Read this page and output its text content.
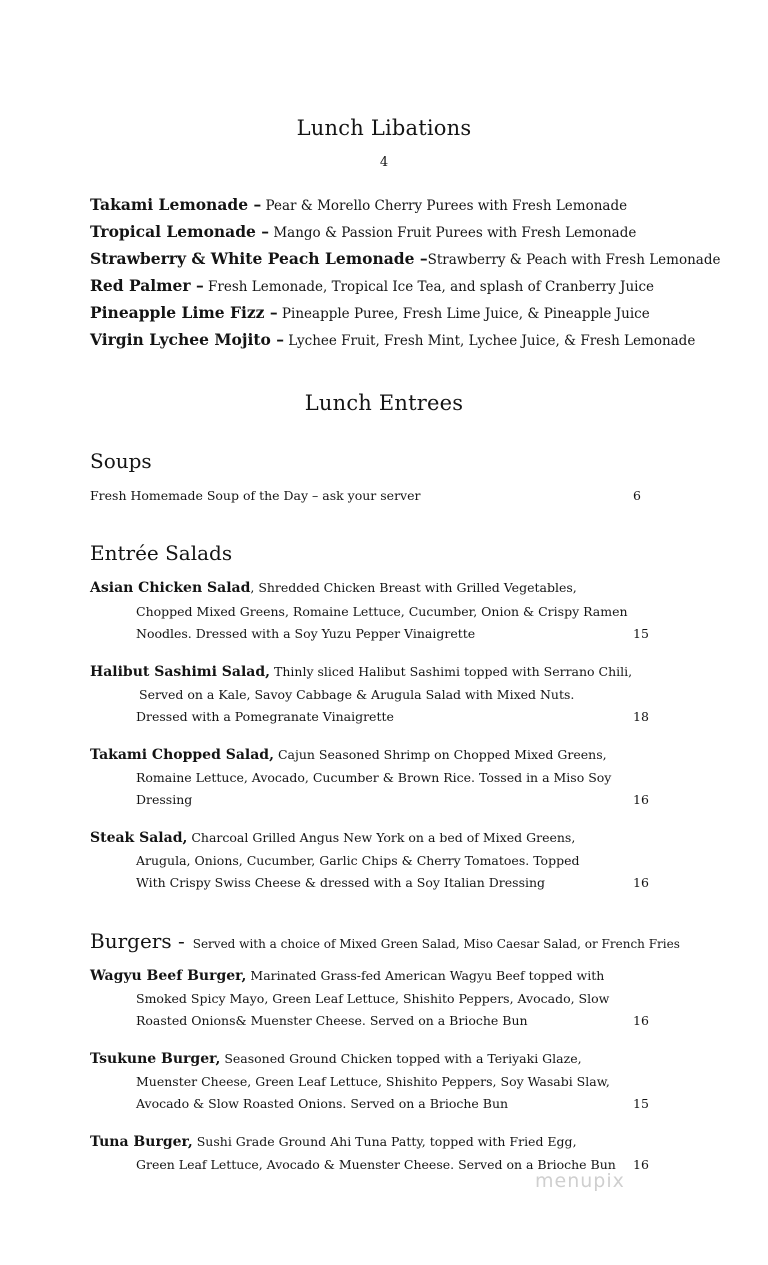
Lunch Libations
4
Takami Lemonade – Pear & Morello Cherry Purees with Fresh Lemonade
Tropical Lemonade – Mango & Passion Fruit Purees with Fresh Lemonade
Strawberry & White Peach Lemonade –Strawberry & Peach with Fresh Lemonade
Red Palmer – Fresh Lemonade, Tropical Ice Tea, and splash of Cranberry Juice
Pineapple Lime Fizz – Pineapple Puree, Fresh Lime Juice, & Pineapple Juice
Virgin Lychee Mojito – Lychee Fruit, Fresh Mint, Lychee Juice, & Fresh Lemonade
Lunch Entrees
Soups
Fresh Homemade Soup of the Day – ask your server	6
Entrée Salads
Asian Chicken Salad, Shredded Chicken Breast with Grilled Vegetables,
Chopped Mixed Greens, Romaine Lettuce, Cucumber, Onion & Crispy Ramen
Noodles. Dressed with a Soy Yuzu Pepper Vinaigrette	15
Halibut Sashimi Salad, Thinly sliced Halibut Sashimi topped with Serrano Chili,
Served on a Kale, Savoy Cabbage & Arugula Salad with Mixed Nuts.
Dressed with a Pomegranate Vinaigrette	18
Takami Chopped Salad, Cajun Seasoned Shrimp on Chopped Mixed Greens,
Romaine Lettuce, Avocado, Cucumber & Brown Rice. Tossed in a Miso Soy
Dressing	16
Steak Salad, Charcoal Grilled Angus New York on a bed of Mixed Greens,
Arugula, Onions, Cucumber, Garlic Chips & Cherry Tomatoes. Topped
With Crispy Swiss Cheese & dressed with a Soy Italian Dressing	16
Burgers - Served with a choice of Mixed Green Salad, Miso Caesar Salad, or French Fries
Wagyu Beef Burger, Marinated Grass-fed American Wagyu Beef topped with
Smoked Spicy Mayo, Green Leaf Lettuce, Shishito Peppers, Avocado, Slow
Roasted Onions& Muenster Cheese. Served on a Brioche Bun	16
Tsukune Burger, Seasoned Ground Chicken topped with a Teriyaki Glaze,
Muenster Cheese, Green Leaf Lettuce, Shishito Peppers, Soy Wasabi Slaw,
Avocado & Slow Roasted Onions. Served on a Brioche Bun	15
Tuna Burger, Sushi Grade Ground Ahi Tuna Patty, topped with Fried Egg,
Green Leaf Lettuce, Avocado & Muenster Cheese. Served on a Brioche Bun 16
menupix
